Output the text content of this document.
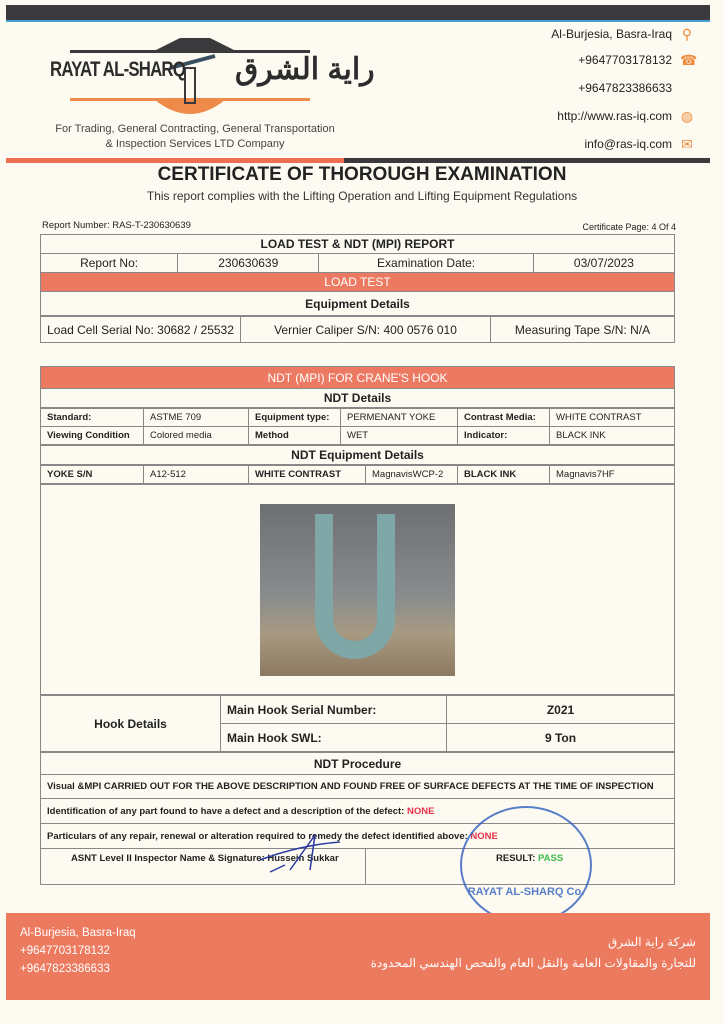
RAYAT AL-SHARQ راية الشرق
For Trading, General Contracting, General Transportation
& Inspection Services LTD Company
Al-Burjesia, Basra-Iraq ⚲
+9647703178132 ☎
+9647823386633
http://www.ras-iq.com ◍
info@ras-iq.com ✉
CERTIFICATE OF THOROUGH EXAMINATION
This report complies with the Lifting Operation and Lifting Equipment Regulations
Report Number: RAS-T-230630639	Certificate Page: 4 Of 4
LOAD TEST & NDT (MPI) REPORT
Report No:	230630639	Examination Date:	03/07/2023
LOAD TEST
Equipment Details
Load Cell Serial No: 30682 / 25532	Vernier Caliper S/N: 400 0576 010	Measuring Tape S/N: N/A
NDT (MPI) FOR CRANE'S HOOK
NDT Details
Standard:	ASTME 709	Equipment type:	PERMENANT YOKE	Contrast Media:	WHITE CONTRAST
Viewing Condition	Colored media	Method	WET	Indicator:	BLACK INK
NDT Equipment Details
YOKE S/N	A12-512	WHITE CONTRAST	MagnavisWCP-2	BLACK INK	Magnavis7HF
Hook Details	Main Hook Serial Number:	Z021
	Main Hook SWL:	9 Ton
NDT Procedure
Visual &MPI CARRIED OUT FOR THE ABOVE DESCRIPTION AND FOUND FREE OF SURFACE DEFECTS AT THE TIME OF INSPECTION
Identification of any part found to have a defect and a description of the defect: NONE
Particulars of any repair, renewal or alteration required to remedy the defect identified above: NONE
ASNT Level II Inspector Name & Signature: Hussein Sukkar	RESULT: PASS
RAYAT AL-SHARQ Co.
Al-Burjesia, Basra-Iraq
+9647703178132
+9647823386633
شركة راية الشرق
للتجارة والمقاولات العامة والنقل العام والفحص الهندسي المحدودة
